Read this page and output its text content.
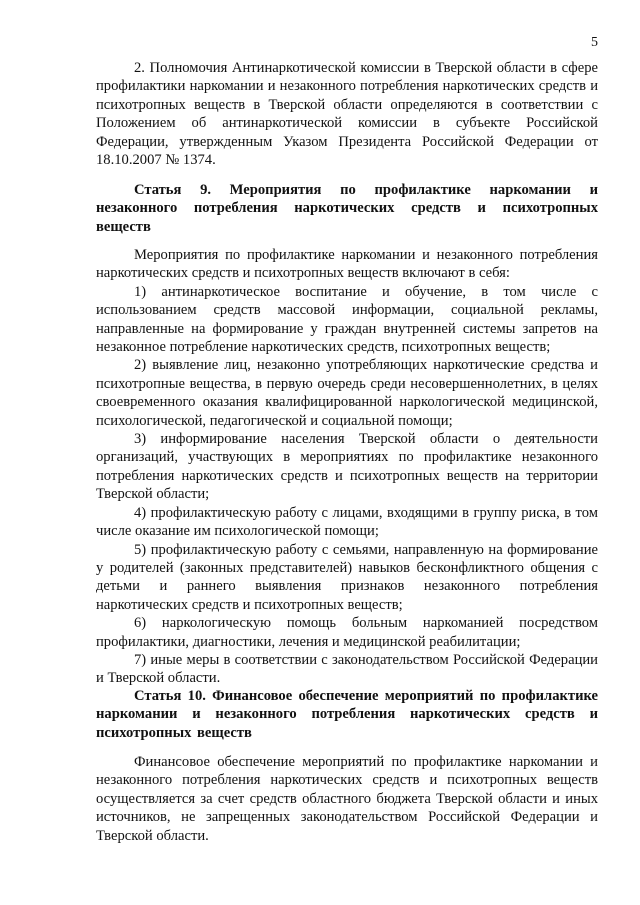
5

2. Полномочия Антинаркотической комиссии в Тверской области в сфере профилактики наркомании и незаконного потребления наркотических средств и психотропных веществ в Тверской области определяются в соответствии с Положением об антинаркотической комиссии в субъекте Российской Федерации, утвержденным Указом Президента Российской Федерации от 18.10.2007 № 1374.

Статья 9. Мероприятия по профилактике наркомании и незаконного потребления наркотических средств и психотропных веществ

Мероприятия по профилактике наркомании и незаконного потребления наркотических средств и психотропных веществ включают в себя:

1) антинаркотическое воспитание и обучение, в том числе с использованием средств массовой информации, социальной рекламы, направленные на формирование у граждан внутренней системы запретов на незаконное потребление наркотических средств, психотропных веществ;

2) выявление лиц, незаконно употребляющих наркотические средства и психотропные вещества, в первую очередь среди несовершеннолетних, в целях своевременного оказания квалифицированной наркологической медицинской, психологической, педагогической и социальной помощи;

3) информирование населения Тверской области о деятельности организаций, участвующих в мероприятиях по профилактике незаконного потребления наркотических средств и психотропных веществ на территории Тверской области;

4) профилактическую работу с лицами, входящими в группу риска, в том числе оказание им психологической помощи;

5) профилактическую работу с семьями, направленную на формирование у родителей (законных представителей) навыков бесконфликтного общения с детьми и раннего выявления признаков незаконного потребления наркотических средств и психотропных веществ;

6) наркологическую помощь больным наркоманией посредством профилактики, диагностики, лечения и медицинской реабилитации;

7) иные меры в соответствии с законодательством Российской Федерации и Тверской области.

Статья 10. Финансовое обеспечение мероприятий по профилактике наркомании и незаконного потребления наркотических средств и психотропных веществ

Финансовое обеспечение мероприятий по профилактике наркомании и незаконного потребления наркотических средств и психотропных веществ осуществляется за счет средств областного бюджета Тверской области и иных источников, не запрещенных законодательством Российской Федерации и Тверской области.
